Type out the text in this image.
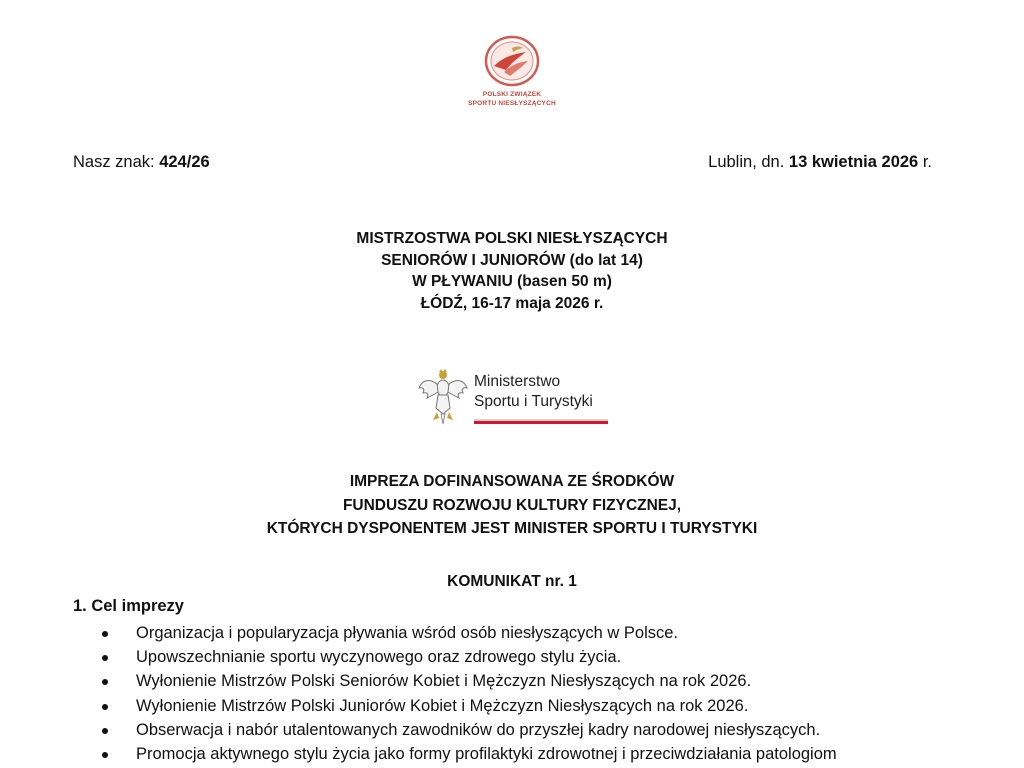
POLSKI ZWIĄZEK
SPORTU NIESŁYSZĄCYCH
Nasz znak: 424/26	Lublin, dn. 13 kwietnia 2026 r.
MISTRZOSTWA POLSKI NIESŁYSZĄCYCH
SENIORÓW I JUNIORÓW (do lat 14)
W PŁYWANIU (basen 50 m)
ŁÓDŹ, 16-17 maja 2026 r.
Ministerstwo
Sportu i Turystyki
IMPREZA DOFINANSOWANA ZE ŚRODKÓW
FUNDUSZU ROZWOJU KULTURY FIZYCZNEJ,
KTÓRYCH DYSPONENTEM JEST MINISTER SPORTU I TURYSTYKI
KOMUNIKAT nr. 1
1. Cel imprezy
Organizacja i popularyzacja pływania wśród osób niesłyszących w Polsce.
Upowszechnianie sportu wyczynowego oraz zdrowego stylu życia.
Wyłonienie Mistrzów Polski Seniorów Kobiet i Mężczyzn Niesłyszących na rok 2026.
Wyłonienie Mistrzów Polski Juniorów Kobiet i Mężczyzn Niesłyszących na rok 2026.
Obserwacja i nabór utalentowanych zawodników do przyszłej kadry narodowej niesłyszących.
Promocja aktywnego stylu życia jako formy profilaktyki zdrowotnej i przeciwdziałania patologiom
